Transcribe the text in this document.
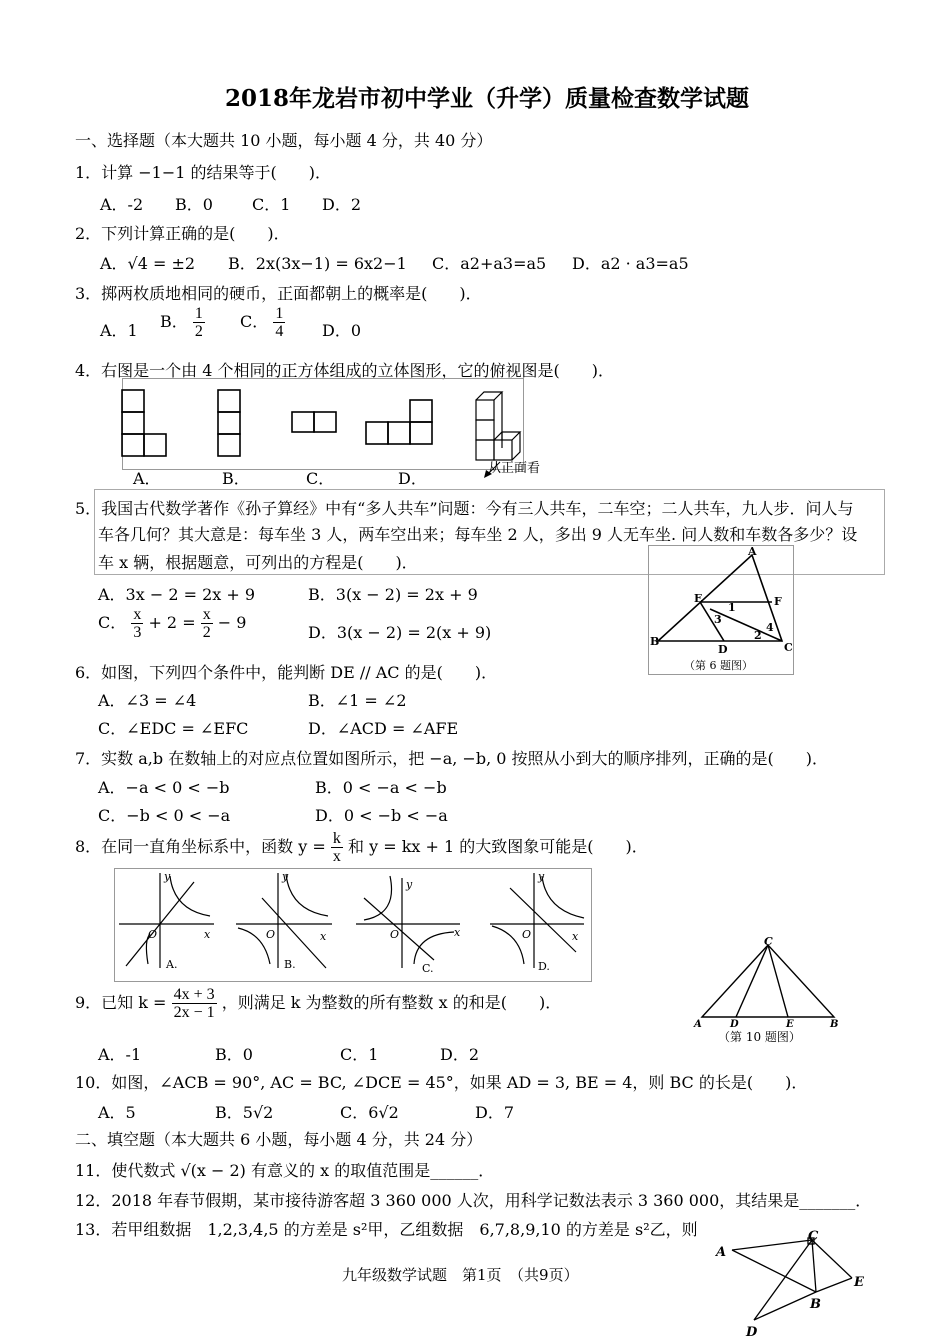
2018年龙岩市初中学业（升学）质量检查数学试题
一、选择题（本大题共 10 小题，每小题 4 分，共 40 分）
1．计算 −1−1 的结果等于(　　)．
A．-2 B．0 C．1 D．2
2．下列计算正确的是(　　)．
A．√4 = ±2 B．2x(3x−1) = 6x2−1 C．a2+a3=a5 D．a2 · a3=a5
3．掷两枚质地相同的硬币，正面都朝上的概率是(　　)．
A．1 B． $\frac{1}{2}$ C． $\frac{1}{4}$ D．0
4．右图是一个由 4 个相同的正方体组成的立体图形，它的俯视图是(　　)．
从正面看
A．	B．	C．	D．
5．我国古代数学著作《孙子算经》中有“多人共车”问题：今有三人共车，二车空；二人共车，九人步．问人与
车各几何？其大意是：每车坐 3 人，两车空出来；每车坐 2 人，多出 9 人无车坐. 问人数和车数各多少？设
车 x 辆，根据题意，可列出的方程是(　　)．
A．3x − 2 = 2x + 9	B．3(x − 2) = 2x + 9
C． $\frac{x}{3} + 2 = \frac{x}{2} - 9$
D．3(x − 2) = 2(x + 9)
A
E	F
B
D	C
1
2
3
4
（第 6 题图）
6．如图，下列四个条件中，能判断 DE // AC 的是(　　)．
A．∠3 = ∠4	B．∠1 = ∠2
C．∠EDC = ∠EFC	D．∠ACD = ∠AFE
7．实数 a,b 在数轴上的对应点位置如图所示，把 −a, −b, 0 按照从小到大的顺序排列，正确的是(　　)．
A．−a < 0 < −b	B．0 < −a < −b
C．−b < 0 < −a	D．0 < −b < −a
8．在同一直角坐标系中，函数 $y = \frac{k}{x}$ 和 y = kx + 1 的大致图象可能是(　　)．
y
x
O
y
x
O
y
x
O
y
x
O
A.	B.	C.	D.
C
A	D	E	B
（第 10 题图）
9．已知 $k = \frac{4x + 3}{2x - 1}$ ，则满足 k 为整数的所有整数 x 的和是(　　)．
A．-1	B．0	C．1	D．2
10．如图，∠ACB = 90°, AC = BC, ∠DCE = 45°，如果 AD = 3, BE = 4，则 BC 的长是(　　)．
A．5	B．5√2	C．6√2	D．7
二、填空题（本大题共 6 小题，每小题 4 分，共 24 分）
11．使代数式 √(x − 2) 有意义的 x 的取值范围是______．
12．2018 年春节假期，某市接待游客超 3 360 000 人次，用科学记数法表示 3 360 000，其结果是_______．
13．若甲组数据　1,2,3,4,5 的方差是 s²甲，乙组数据　6,7,8,9,10 的方差是 s²乙，则
A
C
E
B
D
九年级数学试题　第1页　（共9页）
